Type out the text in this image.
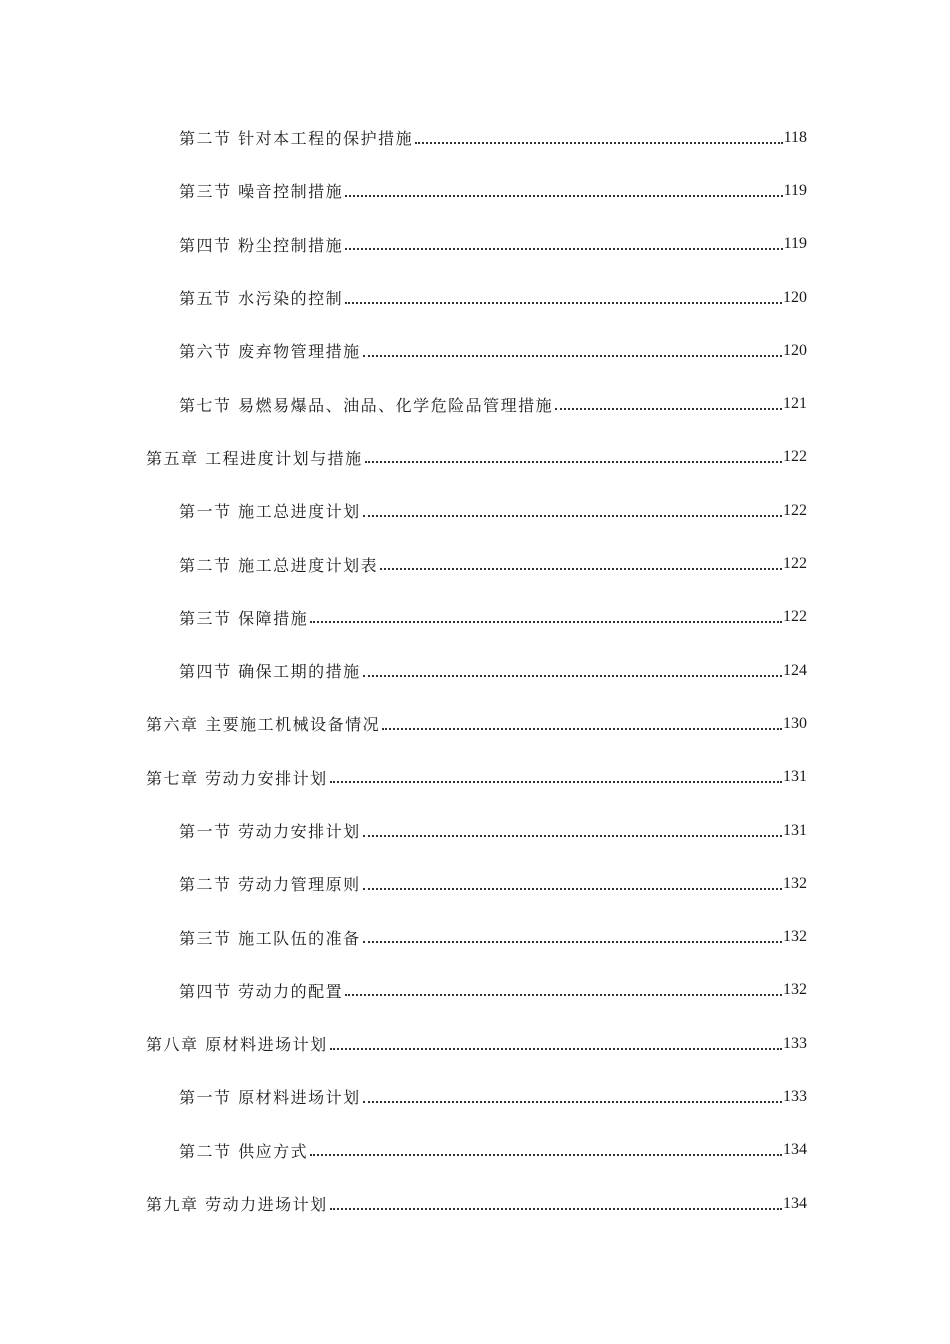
第二节 针对本工程的保护措施	118
第三节 噪音控制措施	119
第四节 粉尘控制措施	119
第五节 水污染的控制	120
第六节 废弃物管理措施	120
第七节 易燃易爆品、油品、化学危险品管理措施	121
第五章 工程进度计划与措施	122
第一节 施工总进度计划	122
第二节 施工总进度计划表	122
第三节 保障措施	122
第四节 确保工期的措施	124
第六章 主要施工机械设备情况	130
第七章 劳动力安排计划	131
第一节 劳动力安排计划	131
第二节 劳动力管理原则	132
第三节 施工队伍的准备	132
第四节 劳动力的配置	132
第八章 原材料进场计划	133
第一节 原材料进场计划	133
第二节 供应方式	134
第九章 劳动力进场计划	134
